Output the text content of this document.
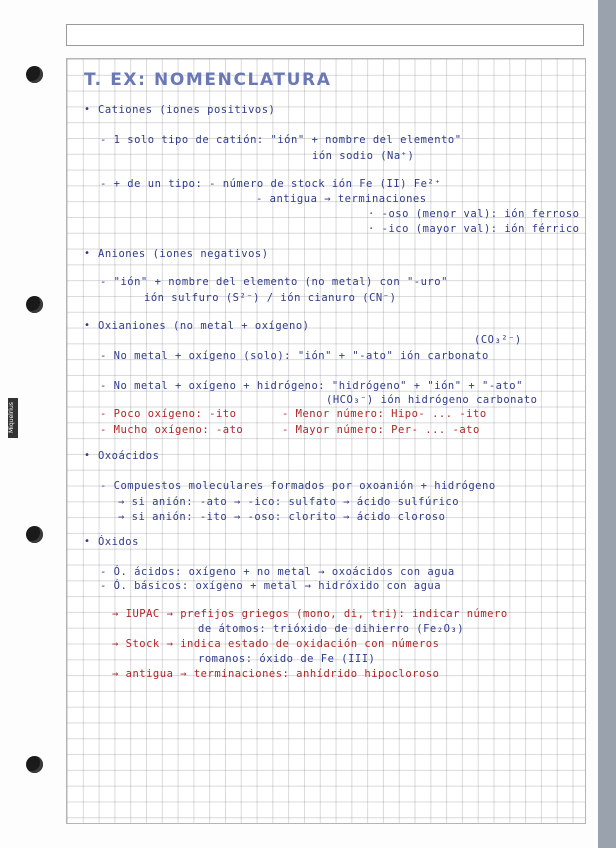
Miquelrius
T. EX: NOMENCLATURA
• Cationes (iones positivos)
- 1 solo tipo de catión: "ión" + nombre del elemento"
ión sodio (Na⁺)
- + de un tipo: - número de stock ión Fe (II) Fe²⁺
- antigua → terminaciones
· -oso (menor val): ión ferroso
· -ico (mayor val): ión férrico
• Aniones (iones negativos)
- "ión" + nombre del elemento (no metal) con "-uro"
ión sulfuro (S²⁻) / ión cianuro (CN⁻)
• Oxianiones (no metal + oxígeno)
(CO₃²⁻)
- No metal + oxígeno (solo): "ión" + "-ato" ión carbonato
- No metal + oxígeno + hidrógeno: "hidrógeno" + "ión" + "-ato"
(HCO₃⁻) ión hidrógeno carbonato
- Poco oxígeno: -ito	- Menor número: Hipo- ... -ito
- Mucho oxígeno: -ato	- Mayor número: Per- ... -ato
• Oxoácidos
- Compuestos moleculares formados por oxoanión + hidrógeno
→ si anión: -ato → -ico: sulfato → ácido sulfúrico
→ si anión: -ito → -oso: clorito → ácido cloroso
• Óxidos
- Ó. ácidos: oxígeno + no metal → oxoácidos con agua
- Ó. básicos: oxígeno + metal → hidróxido con agua
→ IUPAC → prefijos griegos (mono, di, tri): indicar número
de átomos: trióxido de dihierro (Fe₂O₃)
→ Stock → indica estado de oxidación con números
romanos: óxido de Fe (III)
→ antigua → terminaciones: anhídrido hipocloroso
